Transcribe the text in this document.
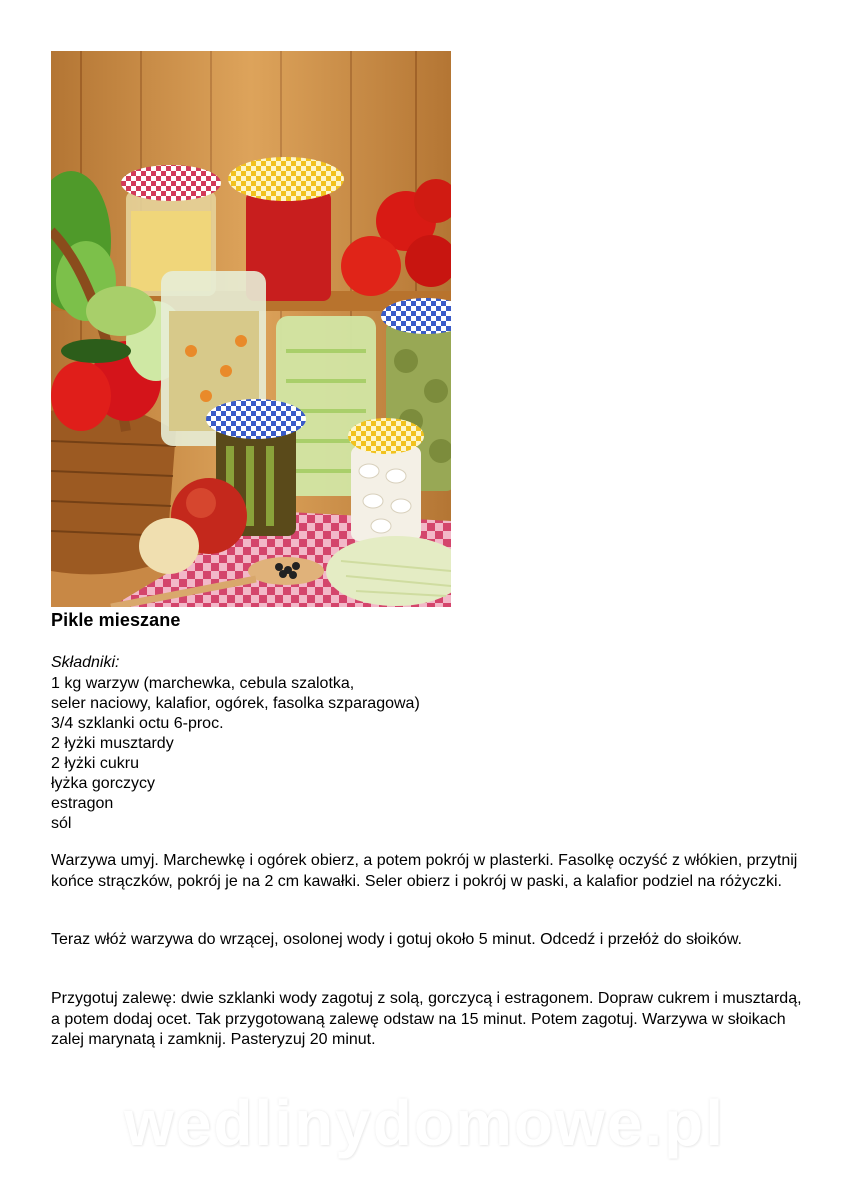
Pikle mieszane
Składniki:
1 kg warzyw (marchewka, cebula szalotka,
seler naciowy, kalafior, ogórek, fasolka szparagowa)
3/4 szklanki octu 6-proc.
2 łyżki musztardy
2 łyżki cukru
łyżka gorczycy
estragon
sól

Warzywa umyj. Marchewkę i ogórek obierz, a potem pokrój w plasterki. Fasolkę oczyść z włókien, przytnij końce strączków, pokrój je na 2 cm kawałki. Seler obierz i pokrój w paski, a kalafior podziel na różyczki.

Teraz włóż warzywa do wrzącej, osolonej wody i gotuj około 5 minut. Odcedź i przełóż do słoików.

Przygotuj zalewę: dwie szklanki wody zagotuj z solą, gorczycą i estragonem. Dopraw cukrem i musztardą, a potem dodaj ocet. Tak przygotowaną zalewę odstaw na 15 minut. Potem zagotuj. Warzywa w słoikach zalej marynatą i zamknij. Pasteryzuj 20 minut.

wedlinydomowe.pl
